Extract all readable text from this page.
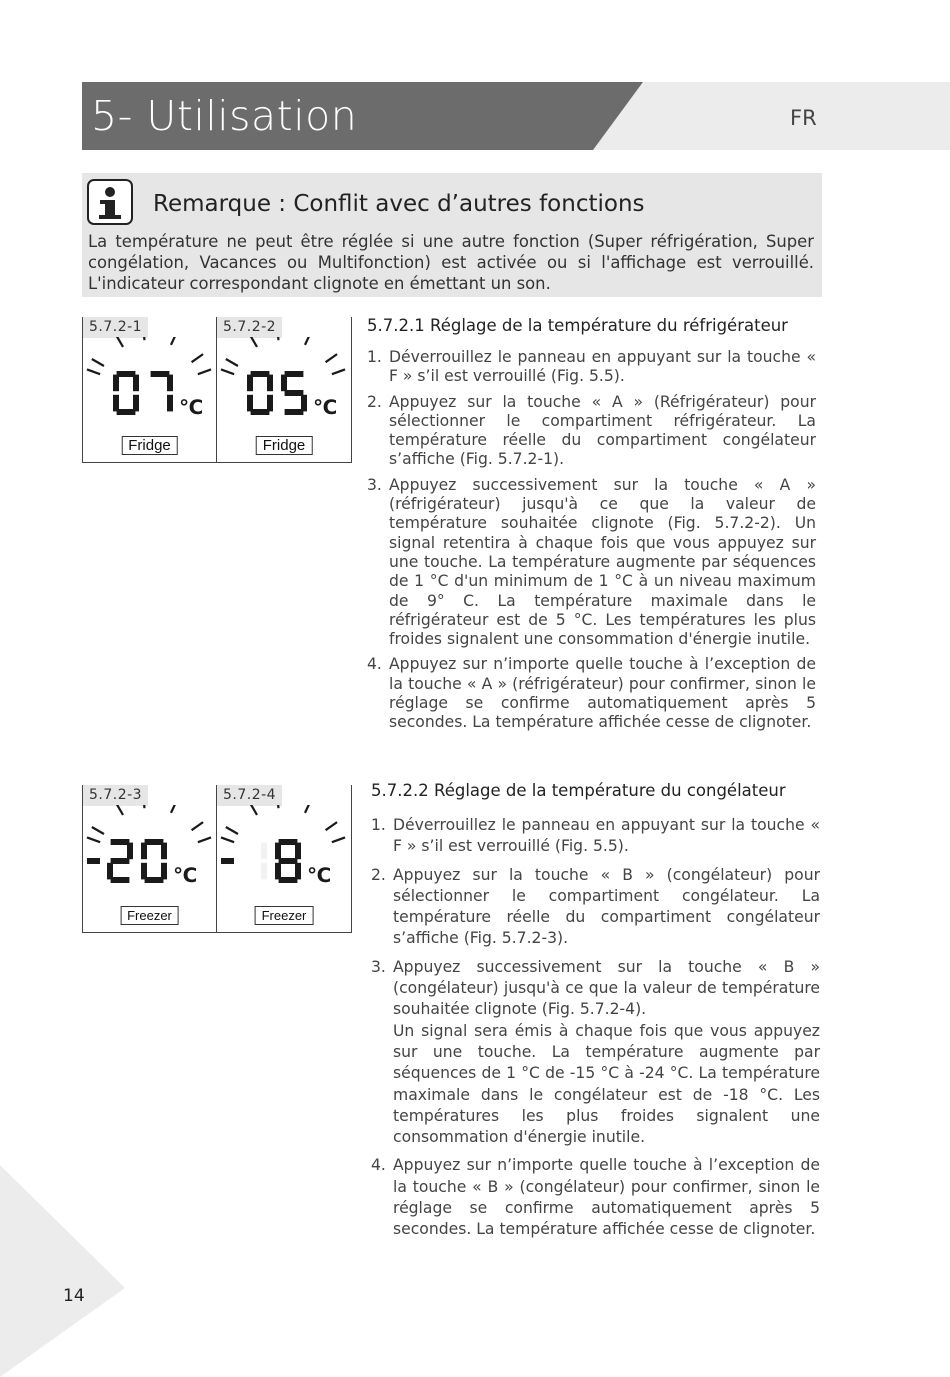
5- Utilisation	FR
Remarque : Conflit avec d’autres fonctions
La température ne peut être réglée si une autre fonction (Super réfrigération, Super congélation, Vacances ou Multifonction) est activée ou si l'affichage est verrouillé. L'indicateur correspondant clignote en émettant un son.
5.7.2-1
℃
Fridge
5.7.2-2
℃
Fridge
5.7.2-3
℃
Freezer
5.7.2-4
℃
Freezer
5.7.2.1 Réglage de la température du réfrigérateur
1. Déverrouillez le panneau en appuyant sur la touche « F » s’il est verrouillé (Fig. 5.5).
2. Appuyez sur la touche « A » (Réfrigérateur) pour sélectionner le compartiment réfrigérateur. La température réelle du compartiment congélateur s’affiche (Fig. 5.7.2-1).
3. Appuyez successivement sur la touche « A » (réfrigérateur) jusqu'à ce que la valeur de température souhaitée clignote (Fig. 5.7.2-2). Un signal retentira à chaque fois que vous appuyez sur une touche. La température augmente par séquences de 1 °C d'un minimum de 1 °C à un niveau maximum de 9° C. La température maximale dans le réfrigérateur est de 5 °C. Les températures les plus froides signalent une consommation d'énergie inutile.
4. Appuyez sur n’importe quelle touche à l’exception de la touche « A » (réfrigérateur) pour confirmer, sinon le réglage se confirme automatiquement après 5 secondes. La température affichée cesse de clignoter.
5.7.2.2 Réglage de la température du congélateur
1. Déverrouillez le panneau en appuyant sur la touche « F » s’il est verrouillé (Fig. 5.5).
2. Appuyez sur la touche « B » (congélateur) pour sélectionner le compartiment congélateur. La température réelle du compartiment congélateur s’affiche (Fig. 5.7.2-3).
3. Appuyez successivement sur la touche « B » (congélateur) jusqu'à ce que la valeur de température souhaitée clignote (Fig. 5.7.2-4).
Un signal sera émis à chaque fois que vous appuyez sur une touche. La température augmente par séquences de 1 °C de -15 °C à -24 °C. La température maximale dans le congélateur est de -18 °C. Les températures les plus froides signalent une consommation d'énergie inutile.
4. Appuyez sur n’importe quelle touche à l’exception de la touche « B » (congélateur) pour confirmer, sinon le réglage se confirme automatiquement après 5 secondes. La température affichée cesse de clignoter.
14
